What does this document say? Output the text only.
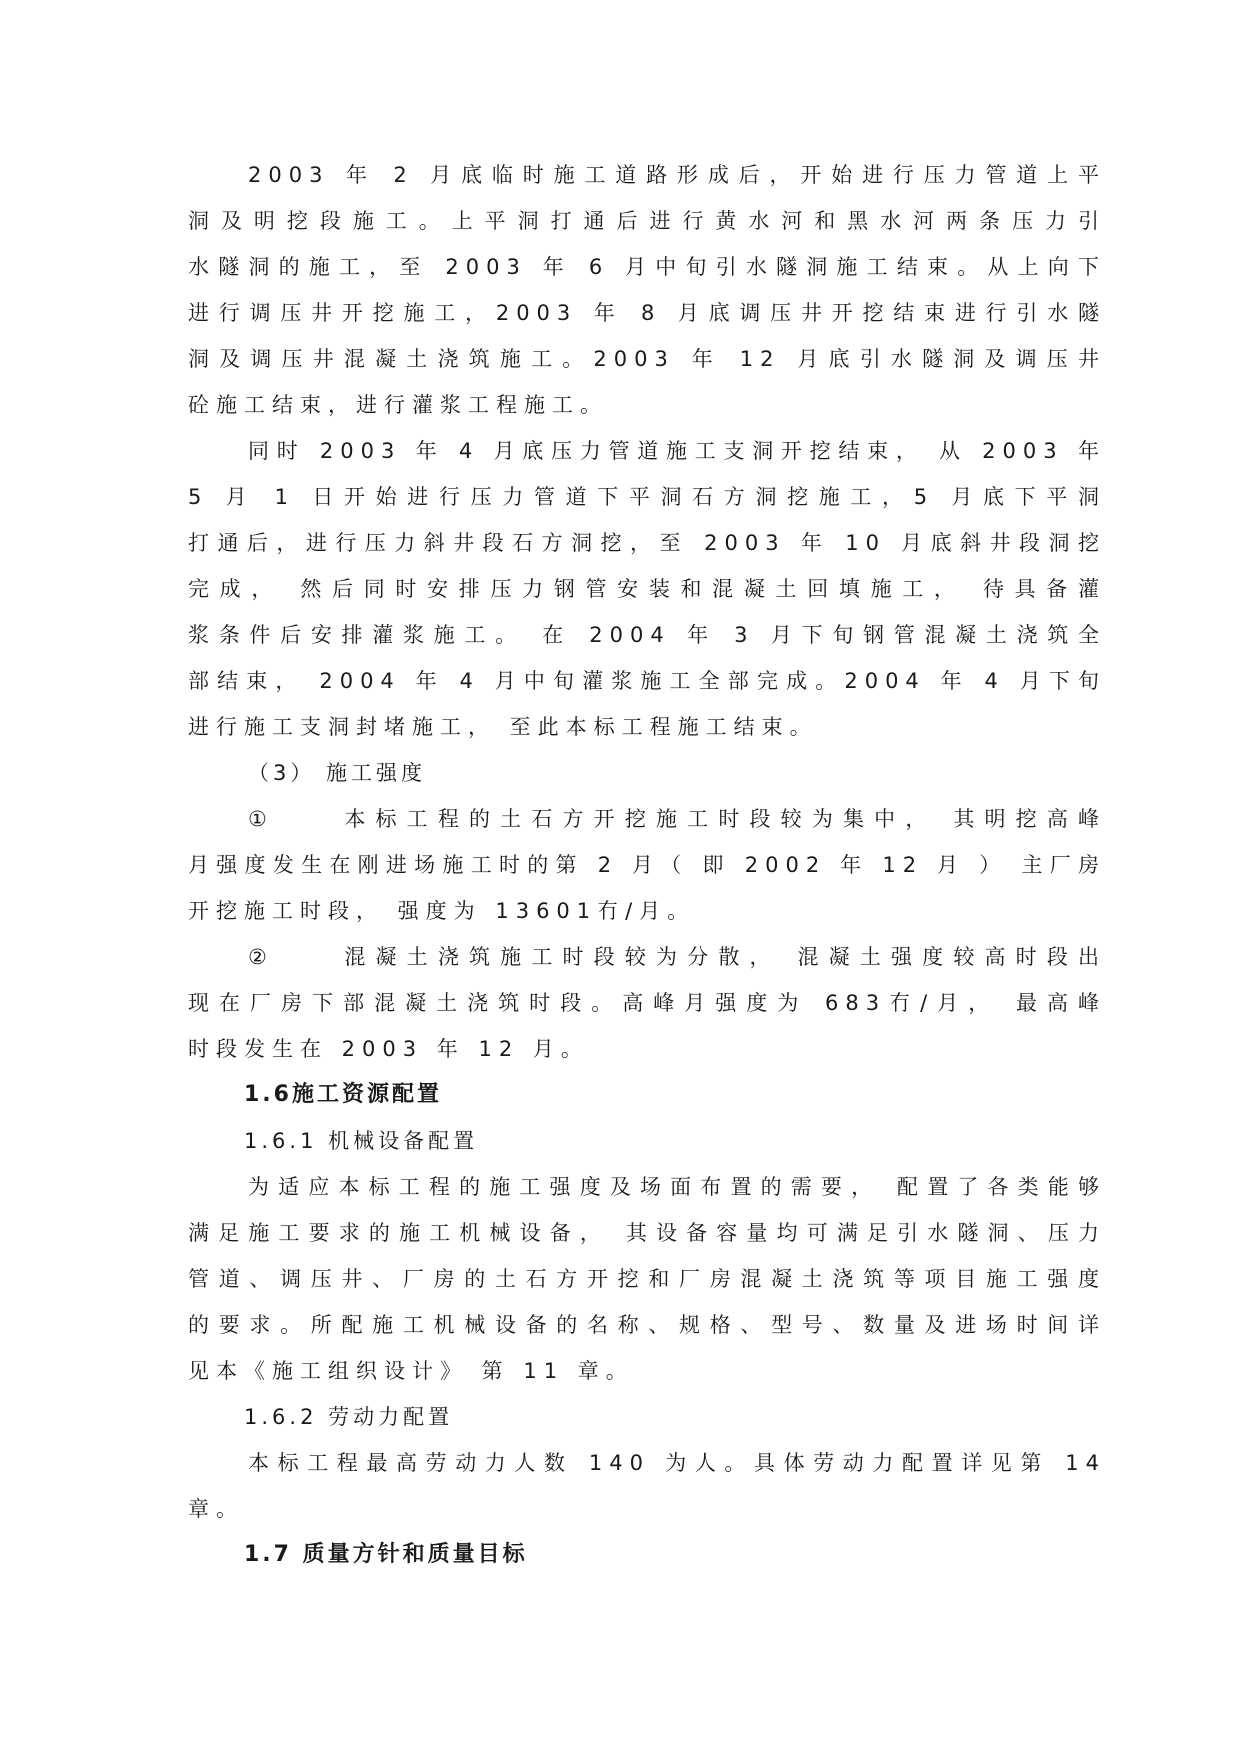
2003 年 2 月底临时施工道路形成后，开始进行压力管道上平
洞及明挖段施工。上平洞打通后进行黄水河和黑水河两条压力引
水隧洞的施工，至 2003 年 6 月中旬引水隧洞施工结束。从上向下
进行调压井开挖施工，2003 年 8 月底调压井开挖结束进行引水隧
洞及调压井混凝土浇筑施工。2003 年 12 月底引水隧洞及调压井
砼施工结束，进行灌浆工程施工。
同时 2003 年 4 月底压力管道施工支洞开挖结束， 从 2003 年
5 月 1 日开始进行压力管道下平洞石方洞挖施工，5 月底下平洞
打通后，进行压力斜井段石方洞挖，至 2003 年 10 月底斜井段洞挖
完成， 然后同时安排压力钢管安装和混凝土回填施工， 待具备灌
浆条件后安排灌浆施工。 在 2004 年 3 月下旬钢管混凝土浇筑全
部结束， 2004 年 4 月中旬灌浆施工全部完成。2004 年 4 月下旬
进行施工支洞封堵施工， 至此本标工程施工结束。
（3） 施工强度
①    本标工程的土石方开挖施工时段较为集中， 其明挖高峰
月强度发生在刚进场施工时的第 2 月（ 即 2002 年 12 月 ） 主厂房
开挖施工时段， 强度为 13601冇/月。
②    混凝土浇筑施工时段较为分散， 混凝土强度较高时段出
现在厂房下部混凝土浇筑时段。高峰月强度为 683冇/月， 最高峰
时段发生在 2003 年 12 月。
1.6施工资源配置
1.6.1 机械设备配置
为适应本标工程的施工强度及场面布置的需要， 配置了各类能够
满足施工要求的施工机械设备， 其设备容量均可满足引水隧洞、压力
管道、调压井、厂房的土石方开挖和厂房混凝土浇筑等项目施工强度
的要求。所配施工机械设备的名称、规格、型号、数量及进场时间详
见本《施工组织设计》 第 11 章。
1.6.2 劳动力配置
本标工程最高劳动力人数 140 为人。具体劳动力配置详见第 14
章。
1.7 质量方针和质量目标
